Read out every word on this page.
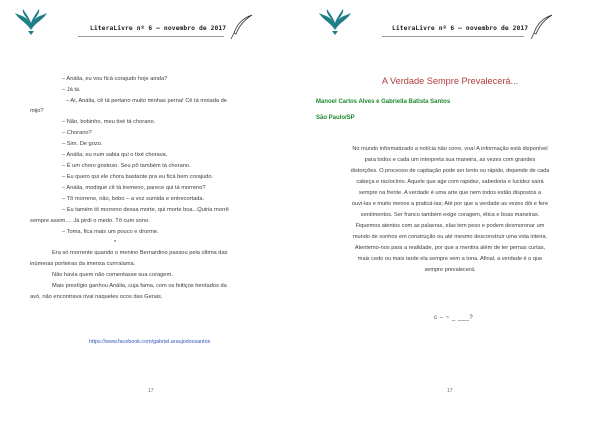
LiteraLivre nº 6 – novembro de 2017
– Anália, eu vou ficá corajudo hoje ainda?
– Já tá.
– Ai, Anália, cê tá pertano muito minhas perna! Cê tá moiada de
mijo?
– Não, bobinho, meu tixé tá chorano.
– Chorano?
– Sim. De gozo.
– Anália, eu num sabia qui o tixé chorava.
– É um choro gostoso. Seu pô também tá chorano.
– Eu quero qui ele chora bastante pra eu ficá bem corajudo.
– Anália, modiqué cê tá tremeno, parece qui tá morreno?
– Tô morreno, não, bobo – a voz sumida e entrecortada.
– Eu tamém tô morreno dessa morte, qui morte boa...Quiria morrê
sempre assim.... Já pirdi o medo. Tô cum sono.
– Toma, fica mais um pouco e drorme.
*
Era só morrente quando o menino Bernardino passou pela última das
inúmeras porteiras da imensa currralama.
Não havia quem não comentasse sua coragem.
Mais prestígio ganhou Anália, cuja fama, com os feitiços herdados da
avó, não encontrava rival naqueles ocos das Gerais.
https://www.facebook.com/gabriel.araujodossantos
17
LiteraLivre nº 6 – novembro de 2017
A Verdade Sempre Prevalecerá...
Manoel Carlos Alves e Gabriella Batista Santos
São Paulo/SP
No mundo informatizado a notícia não corre, voa! A informação está disponível
para todos e cada um interpreta sua maneira, as vezes com grandes
distorções. O processo de capitação pode ser lento ou rápido, depende de cada
cabeça e raciocínio. Aquele que age com rapidez, sabedoria e lucidez sairá
sempre na frente. A verdade é uma arte que nem todos estão dispostos a
ouvi-las e muito menos a praticá-las; Até por que a verdade as vezes dói e fere
sentimentos. Ser franco também exige coragem, ética e boas maneiras.
Fiquemos atentos com as palavras, elas tem peso e podem desmoronar um
mundo de sonhos em construção ou até mesmo desconstruir uma vida inteira.
Atentemo-nos para a realidade, por que a mentira além de ter pernas curtas,
mais cedo ou mais tarde ela sempre vem a tona. Afinal, a verdade é o que
sempre prevalecerá.
c – ~ _ ___?
17
